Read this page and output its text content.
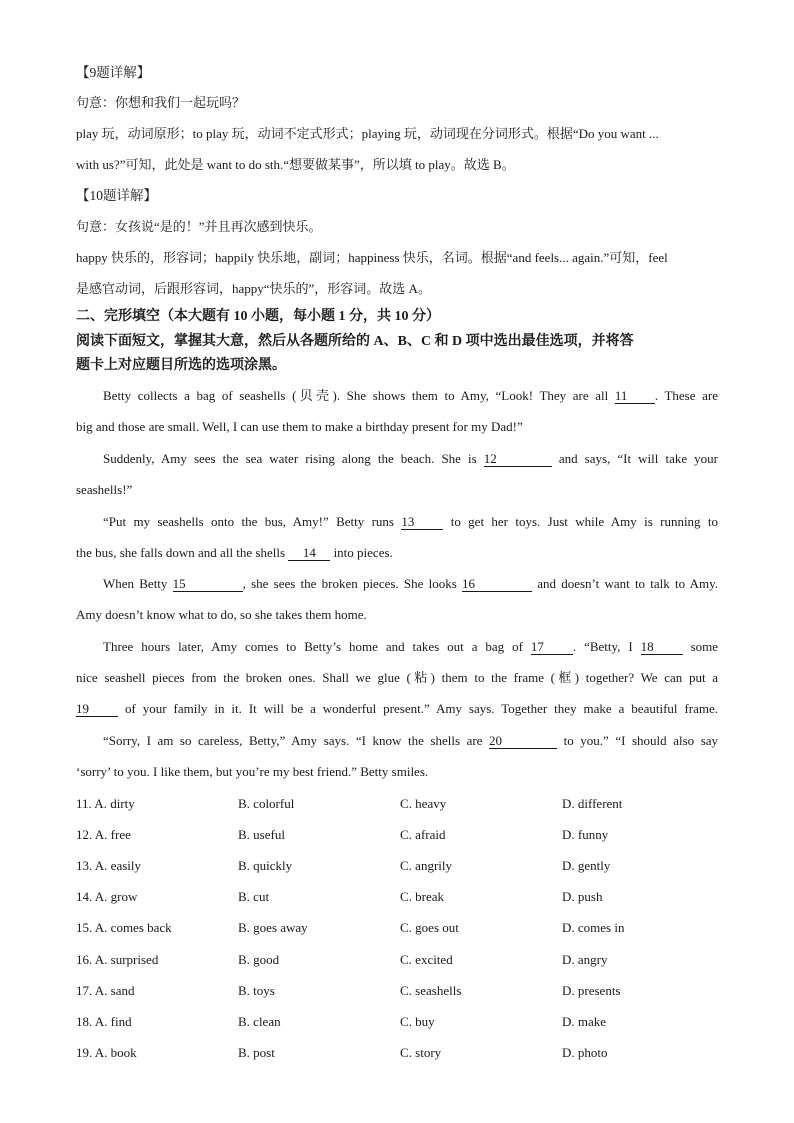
【9题详解】
句意：你想和我们一起玩吗？
play 玩，动词原形；to play 玩，动词不定式形式；playing 玩，动词现在分词形式。根据“Do you want ...
with us?”可知，此处是 want to do sth.“想要做某事”，所以填 to play。故选 B。
【10题详解】
句意：女孩说“是的！”并且再次感到快乐。
happy 快乐的，形容词；happily 快乐地，副词；happiness 快乐，名词。根据“and feels... again.”可知，feel
是感官动词，后跟形容词，happy“快乐的”，形容词。故选 A。
二、完形填空（本大题有 10 小题，每小题 1 分，共 10 分）
阅读下面短文，掌握其大意，然后从各题所给的 A、B、C 和 D 项中选出最佳选项，并将答
题卡上对应题目所选的选项涂黑。
Betty collects a bag of seashells (贝壳). She shows them to Amy, “Look! They are all 11 . These are
big and those are small. Well, I can use them to make a birthday present for my Dad!”
Suddenly, Amy sees the sea water rising along the beach. She is 12	and says, “It will take your
seashells!”
“Put my seashells onto the bus, Amy!” Betty runs 13	to get her toys. Just while Amy is running to
the bus, she falls down and all the shells 14 into pieces.
When Betty 15	, she sees the broken pieces. She looks 16	and doesn’t want to talk to Amy.
Amy doesn’t know what to do, so she takes them home.
Three hours later, Amy comes to Betty’s home and takes out a bag of 17 . “Betty, I 18	some
nice seashell pieces from the broken ones. Shall we glue (粘) them to the frame (框) together? We can put a
19	of your family in it. It will be a wonderful present.” Amy says. Together they make a beautiful frame.
“Sorry, I am so careless, Betty,” Amy says. “I know the shells are 20	to you.” “I should also say
‘sorry’ to you. I like them, but you’re my best friend.” Betty smiles.
11. A. dirty	B. colorful	C. heavy	D. different
12. A. free	B. useful	C. afraid	D. funny
13. A. easily	B. quickly	C. angrily	D. gently
14. A. grow	B. cut	C. break	D. push
15. A. comes back	B. goes away	C. goes out	D. comes in
16. A. surprised	B. good	C. excited	D. angry
17. A. sand	B. toys	C. seashells	D. presents
18. A. find	B. clean	C. buy	D. make
19. A. book	B. post	C. story	D. photo
